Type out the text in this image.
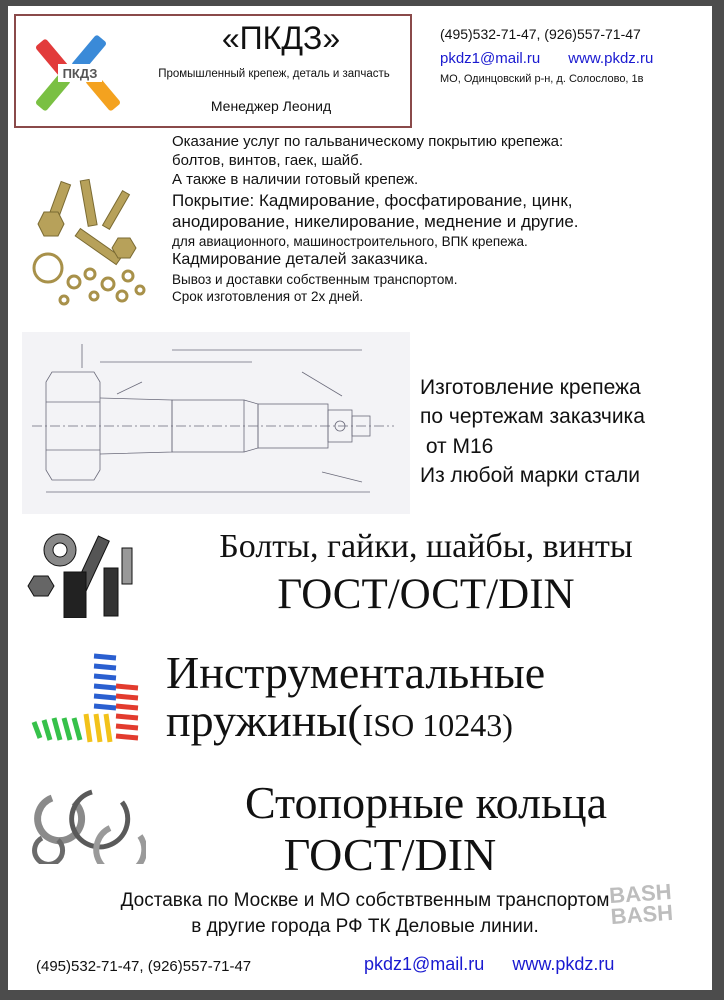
ПКДЗ
«ПКДЗ»
Промышленный крепеж, деталь и запчасть
Менеджер Леонид
(495)532-71-47, (926)557-71-47
pkdz1@mail.ru www.pkdz.ru
МО, Одинцовский р-н, д. Солослово, 1в
Оказание услуг по гальваническому покрытию крепежа:
болтов, винтов, гаек, шайб.
А также в наличии готовый крепеж.
Покрытие: Кадмирование, фосфатирование, цинк,
анодирование, никелирование, меднение и другие.
для авиационного, машиностроительного, ВПК крепежа.
Кадмирование деталей заказчика.
Вывоз и доставки собственным транспортом.
Срок изготовления от 2х дней.
Изготовление крепежа
по чертежам заказчика
от М16
Из любой марки стали
Болты, гайки, шайбы, винты
ГОСТ/ОСТ/DIN
Инструментальные
пружины(ISO 10243)
Стопорные кольца
ГОСТ/DIN
Доставка по Москве и МО собствтвенным транспортом
в другие города РФ ТК Деловые линии.
BASH
BASH
(495)532-71-47, (926)557-71-47	pkdz1@mail.ru www.pkdz.ru
